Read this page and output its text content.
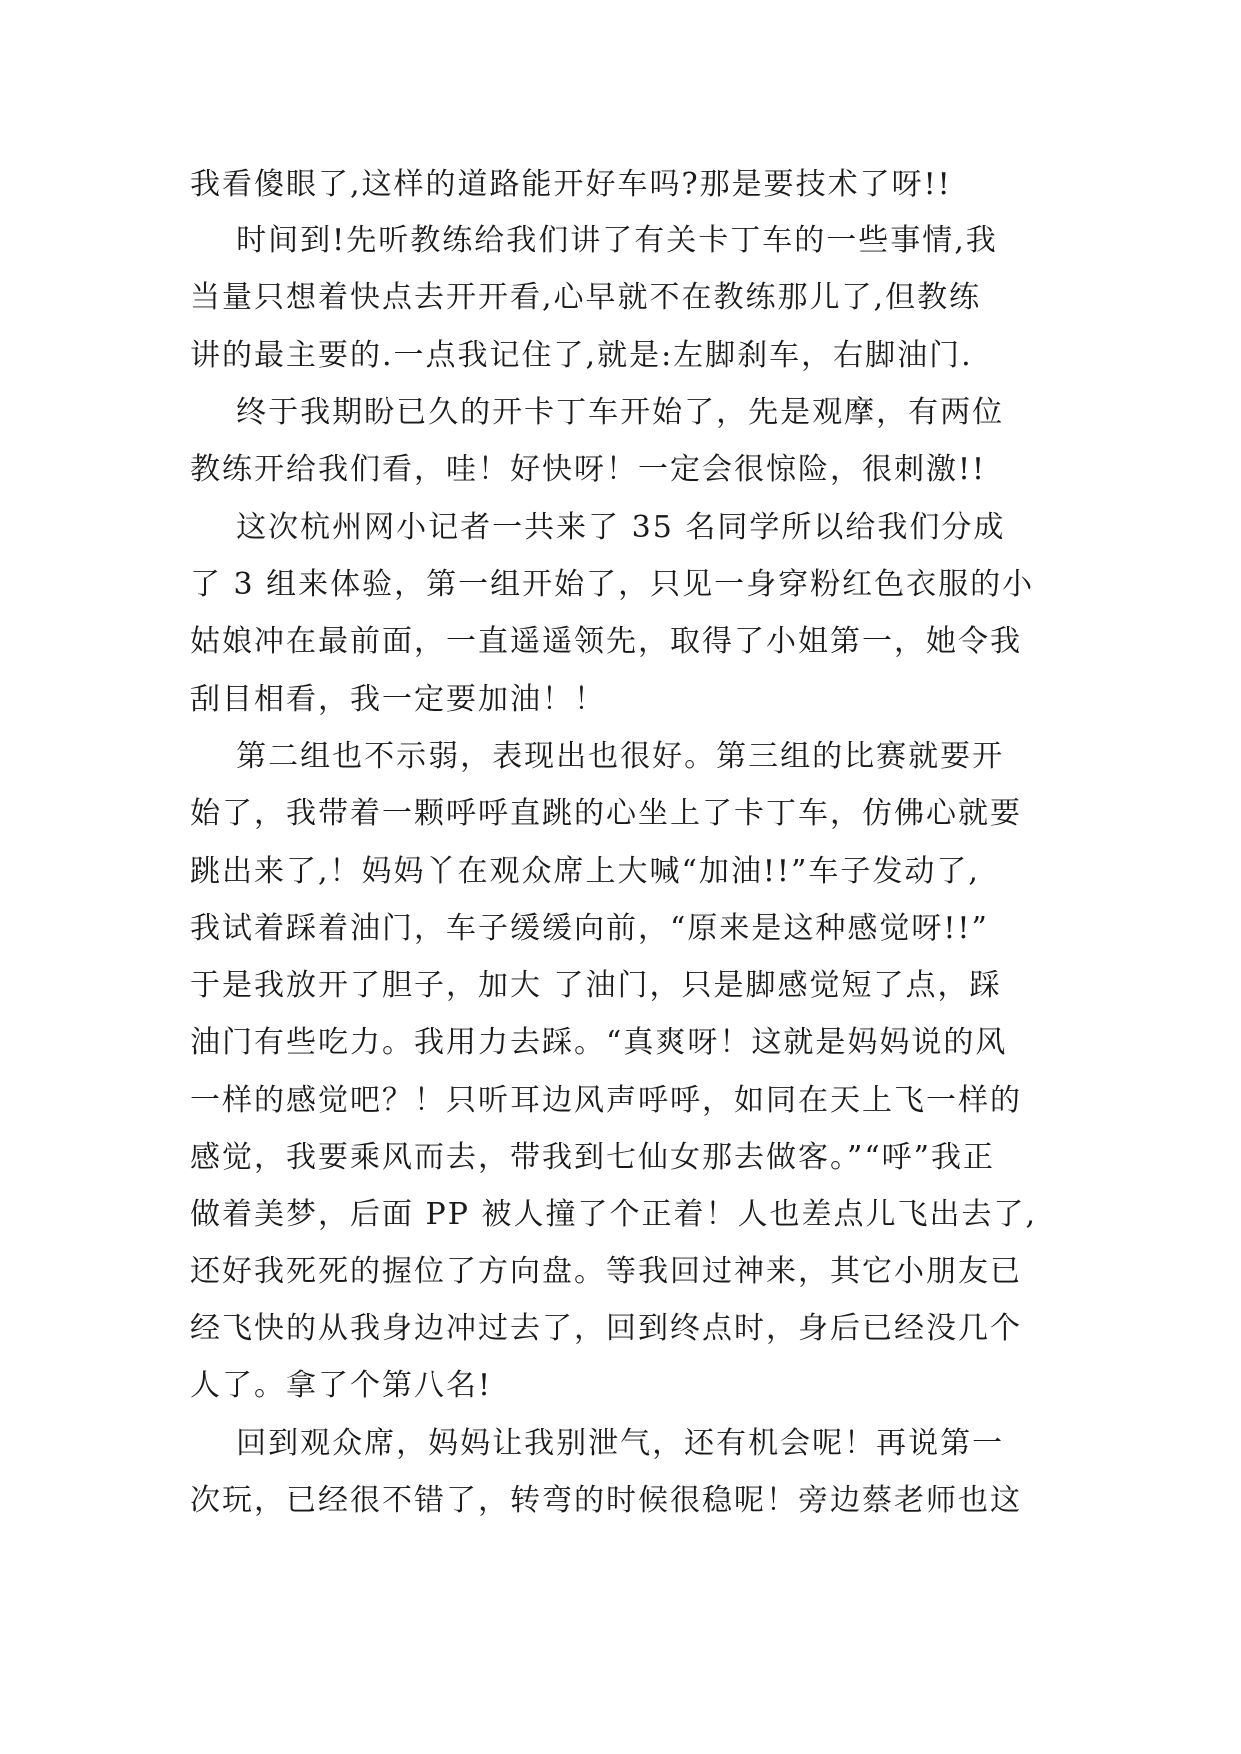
我看傻眼了,这样的道路能开好车吗?那是要技术了呀!!
时间到!先听教练给我们讲了有关卡丁车的一些事情,我
当量只想着快点去开开看,心早就不在教练那儿了,但教练
讲的最主要的.一点我记住了,就是:左脚刹车，右脚油门.
终于我期盼已久的开卡丁车开始了，先是观摩，有两位
教练开给我们看，哇！好快呀！一定会很惊险，很刺激!!
这次杭州网小记者一共来了 35 名同学所以给我们分成
了 3 组来体验，第一组开始了，只见一身穿粉红色衣服的小
姑娘冲在最前面，一直遥遥领先，取得了小姐第一，她令我
刮目相看，我一定要加油！！
第二组也不示弱，表现出也很好。第三组的比赛就要开
始了，我带着一颗呼呼直跳的心坐上了卡丁车，仿佛心就要
跳出来了,！妈妈丫在观众席上大喊“加油!!”车子发动了,
我试着踩着油门，车子缓缓向前，“原来是这种感觉呀!!”
于是我放开了胆子，加大 了油门，只是脚感觉短了点，踩
油门有些吃力。我用力去踩。“真爽呀！这就是妈妈说的风
一样的感觉吧？！只听耳边风声呼呼，如同在天上飞一样的
感觉，我要乘风而去，带我到七仙女那去做客。”“呼”我正
做着美梦，后面 PP 被人撞了个正着！人也差点儿飞出去了,
还好我死死的握位了方向盘。等我回过神来，其它小朋友已
经飞快的从我身边冲过去了，回到终点时，身后已经没几个
人了。拿了个第八名!
回到观众席，妈妈让我别泄气，还有机会呢！再说第一
次玩，已经很不错了，转弯的时候很稳呢！旁边蔡老师也这
